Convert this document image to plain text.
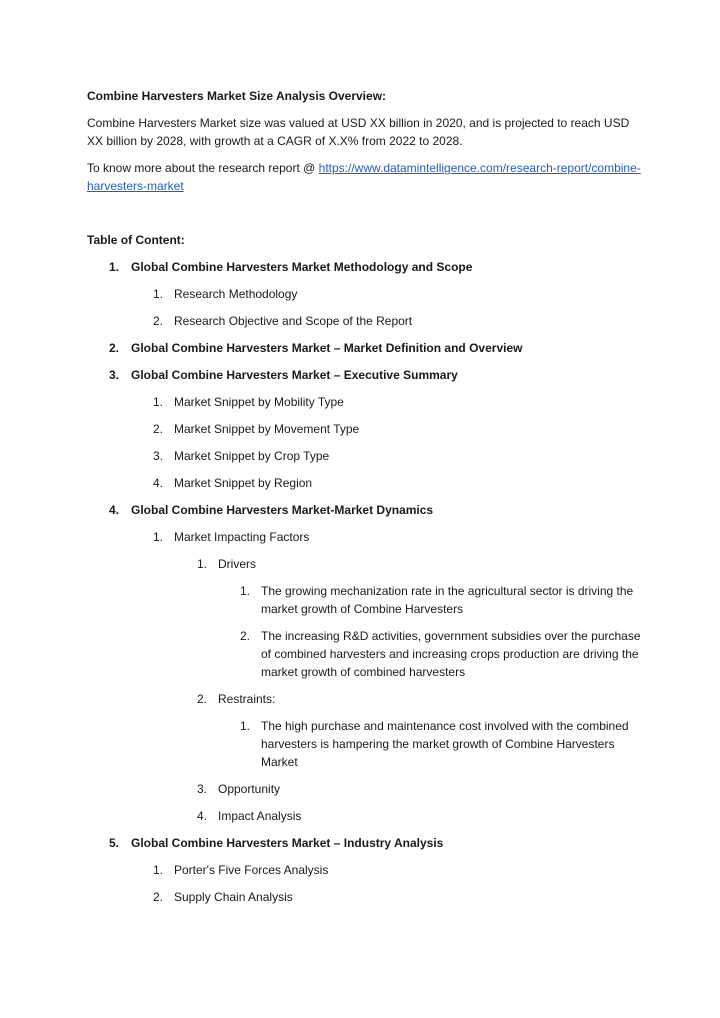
Combine Harvesters Market Size Analysis Overview:
Combine Harvesters Market size was valued at USD XX billion in 2020, and is projected to reach USD XX billion by 2028, with growth at a CAGR of X.X% from 2022 to 2028.
To know more about the research report @ https://www.datamintelligence.com/research-report/combine-harvesters-market
Table of Content:
1. Global Combine Harvesters Market Methodology and Scope
1. Research Methodology
2. Research Objective and Scope of the Report
2. Global Combine Harvesters Market – Market Definition and Overview
3. Global Combine Harvesters Market – Executive Summary
1. Market Snippet by Mobility Type
2. Market Snippet by Movement Type
3. Market Snippet by Crop Type
4. Market Snippet by Region
4. Global Combine Harvesters Market-Market Dynamics
1. Market Impacting Factors
1. Drivers
1. The growing mechanization rate in the agricultural sector is driving the market growth of Combine Harvesters
2. The increasing R&D activities, government subsidies over the purchase of combined harvesters and increasing crops production are driving the market growth of combined harvesters
2. Restraints:
1. The high purchase and maintenance cost involved with the combined harvesters is hampering the market growth of Combine Harvesters Market
3. Opportunity
4. Impact Analysis
5. Global Combine Harvesters Market – Industry Analysis
1. Porter's Five Forces Analysis
2. Supply Chain Analysis
